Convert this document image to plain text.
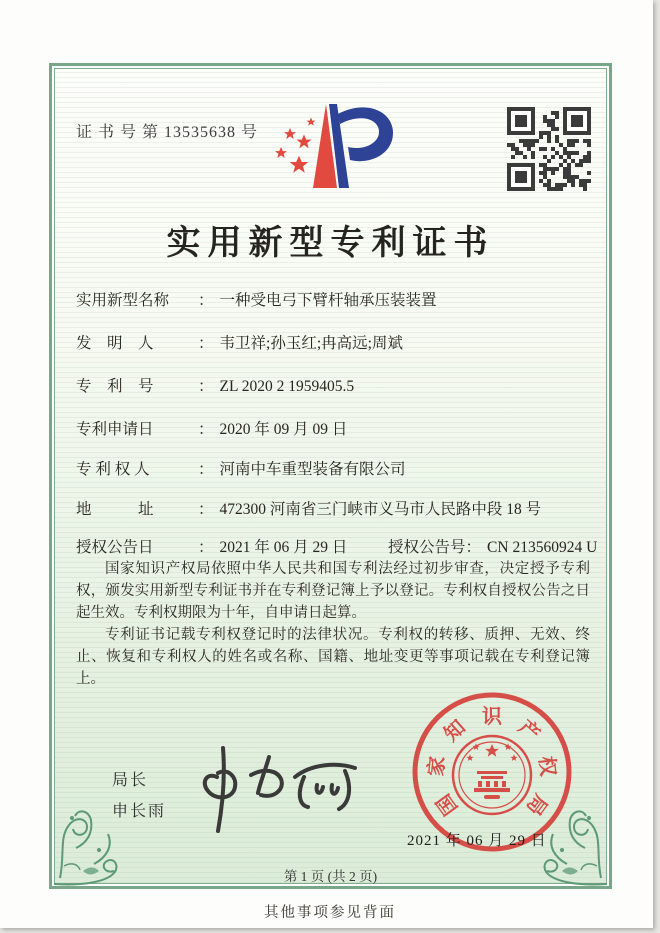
证 书 号 第 13535638 号
实用新型专利证书
实用新型名称 ： 一种受电弓下臂杆轴承压装装置
发　明　人	： 韦卫祥;孙玉红;冉高远;周斌
专　利　号	： ZL 2020 2 1959405.5
专利申请日	： 2020 年 09 月 09 日
专 利 权 人	： 河南中车重型装备有限公司
地　　　址	： 472300 河南省三门峡市义马市人民路中段 18 号
授权公告日	： 2021 年 06 月 29 日	授权公告号： CN 213560924 U

国家知识产权局依照中华人民共和国专利法经过初步审查，决定授予专利权，颁发实用新型专利证书并在专利登记簿上予以登记。专利权自授权公告之日起生效。专利权期限为十年，自申请日起算。

专利证书记载专利权登记时的法律状况。专利权的转移、质押、无效、终止、恢复和专利权人的姓名或名称、国籍、地址变更等事项记载在专利登记簿上。

局长
申长雨	国
家
知 识 产
权
局
2021 年 06 月 29 日
第 1 页 (共 2 页)
其他事项参见背面
